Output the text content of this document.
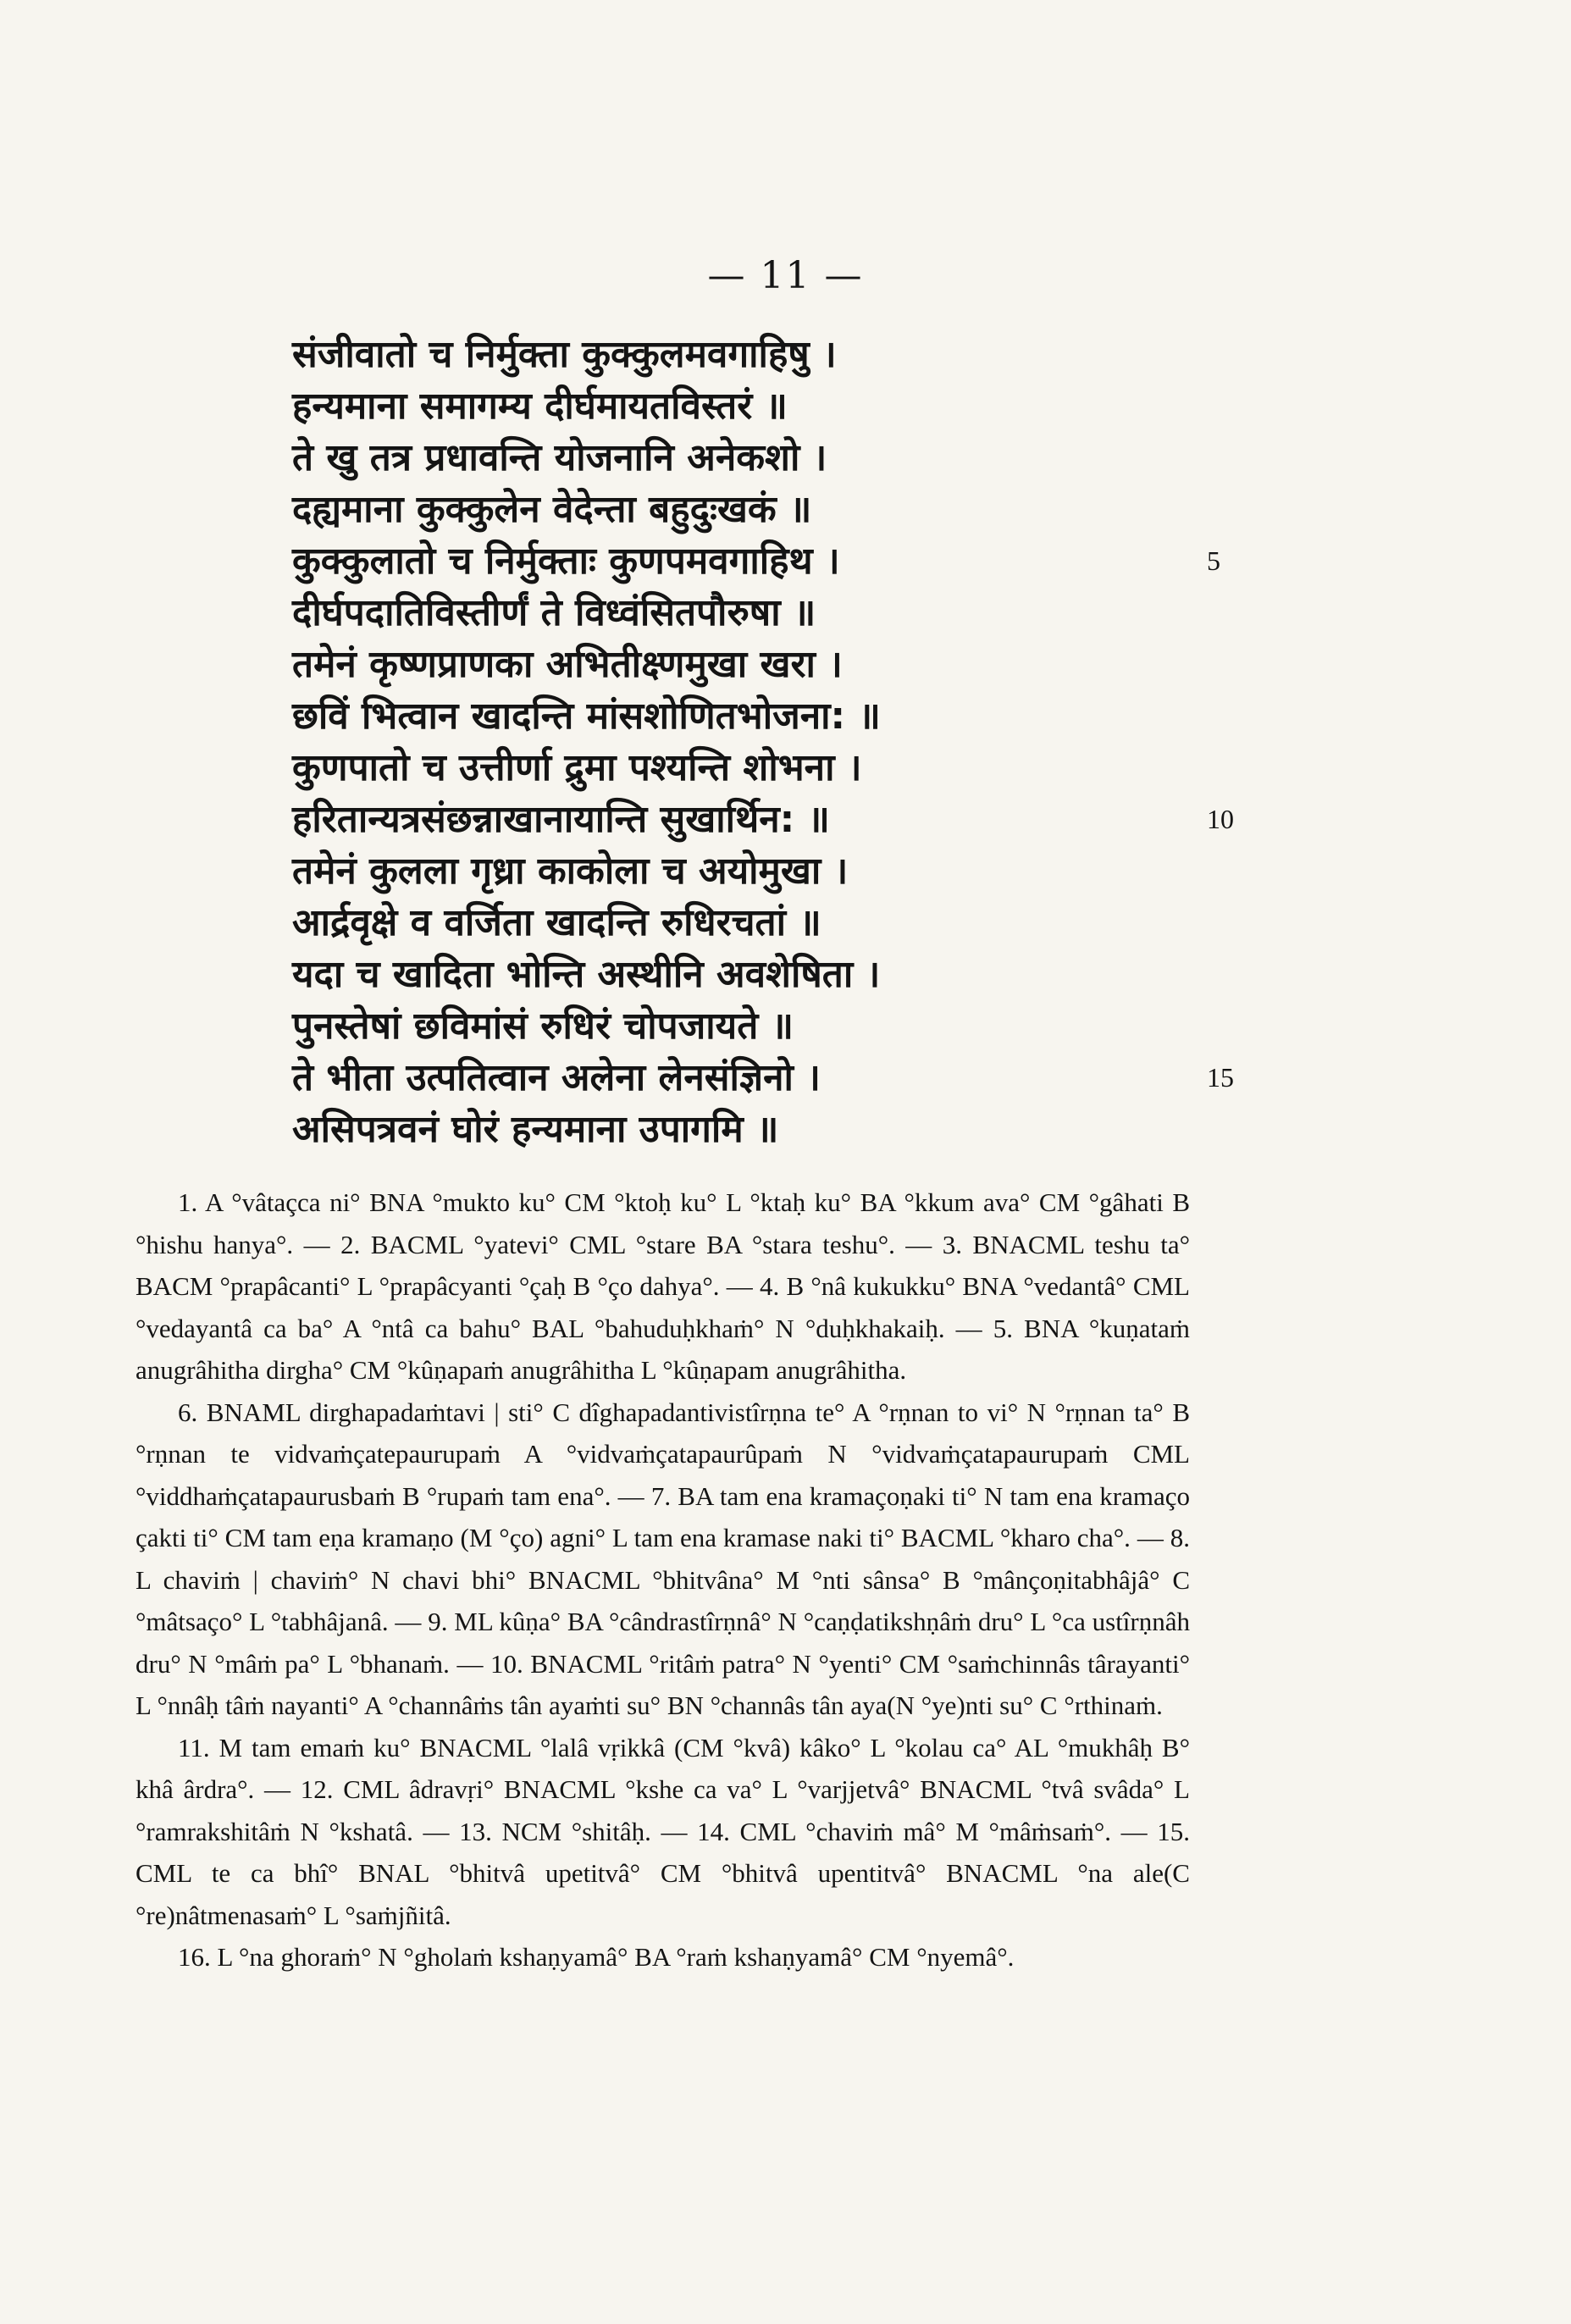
— 11 —
संजीवातो च निर्मुक्ता कुक्कुलमवगाहिषु ।
हन्यमाना समागम्य दीर्घमायतविस्तरं ॥
ते खु तत्र प्रधावन्ति योजनानि अनेकशो ।
दह्यमाना कुक्कुलेन वेदेन्ता बहुदुःखकं ॥
कुक्कुलातो च निर्मुक्ताः कुणपमवगाहिथ ।	5
दीर्घपदातिविस्तीर्णं ते विध्वंसितपौरुषा ॥
तमेनं कृष्णप्राणका अभितीक्ष्णमुखा खरा ।
छविं भित्वान खादन्ति मांसशोणितभोजना: ॥
कुणपातो च उत्तीर्णा द्रुमा पश्यन्ति शोभना ।
हरितान्यत्रसंछन्नाखानायान्ति सुखार्थिन: ॥	10
तमेनं कुलला गृध्रा काकोला च अयोमुखा ।
आर्द्रवृक्षे व वर्जिता खादन्ति रुधिरचतां ॥
यदा च खादिता भोन्ति अस्थीनि अवशेषिता ।
पुनस्तेषां छविमांसं रुधिरं चोपजायते ॥
ते भीता उत्पतित्वान अलेना लेनसंज्ञिनो ।	15
असिपत्रवनं घोरं हन्यमाना उपागमि ॥

1. A °vâtaçca ni° BNA °mukto ku° CM °ktoḥ ku° L °ktaḥ ku° BA °kkum ava° CM °gâhati B °hishu hanya°. — 2. BACML °yatevi° CML °stare BA °stara teshu°. — 3. BNACML teshu ta° BACM °prapâcanti° L °prapâcyanti °çaḥ B °ço dahya°. — 4. B °nâ kukukku° BNA °vedantâ° CML °vedayantâ ca ba° A °ntâ ca bahu° BAL °bahuduḥkhaṁ° N °duḥkhakaiḥ. — 5. BNA °kuṇataṁ anugrâhitha dirgha° CM °kûṇapaṁ anugrâhitha L °kûṇapam anugrâhitha.

6. BNAML dirghapadaṁtavi | sti° C dîghapadantivistîrṇna te° A °rṇnan to vi° N °rṇnan ta° B °rṇnan te vidvaṁçatepaurupaṁ A °vidvaṁçatapaurûpaṁ N °vidvaṁçatapaurupaṁ CML °viddhaṁçatapaurusbaṁ B °rupaṁ tam ena°. — 7. BA tam ena kramaçoṇaki ti° N tam ena kramaço çakti ti° CM tam eṇa kramaṇo (M °ço) agni° L tam ena kramase naki ti° BACML °kharo cha°. — 8. L chaviṁ | chaviṁ° N chavi bhi° BNACML °bhitvâna° M °nti sânsa° B °mânçoṇitabhâjâ° C °mâtsaço° L °tabhâjanâ. — 9. ML kûṇa° BA °cândrastîrṇnâ° N °caṇḍatikshṇâṁ dru° L °ca ustîrṇnâh dru° N °mâṁ pa° L °bhanaṁ. — 10. BNACML °ritâṁ patra° N °yenti° CM °saṁchinnâs târayanti° L °nnâḥ tâṁ nayanti° A °channâṁs tân ayaṁti su° BN °channâs tân aya(N °ye)nti su° C °rthinaṁ.

11. M tam emaṁ ku° BNACML °lalâ vṛikkâ (CM °kvâ) kâko° L °kolau ca° AL °mukhâḥ B° khâ ârdra°. — 12. CML âdravṛi° BNACML °kshe ca va° L °varjjetvâ° BNACML °tvâ svâda° L °ramrakshitâṁ N °kshatâ. — 13. NCM °shitâḥ. — 14. CML °chaviṁ mâ° M °mâṁsaṁ°. — 15. CML te ca bhî° BNAL °bhitvâ upetitvâ° CM °bhitvâ upentitvâ° BNACML °na ale(C °re)nâtmenasaṁ° L °saṁjñitâ.

16. L °na ghoraṁ° N °gholaṁ kshaṇyamâ° BA °raṁ kshaṇyamâ° CM °nyemâ°.
